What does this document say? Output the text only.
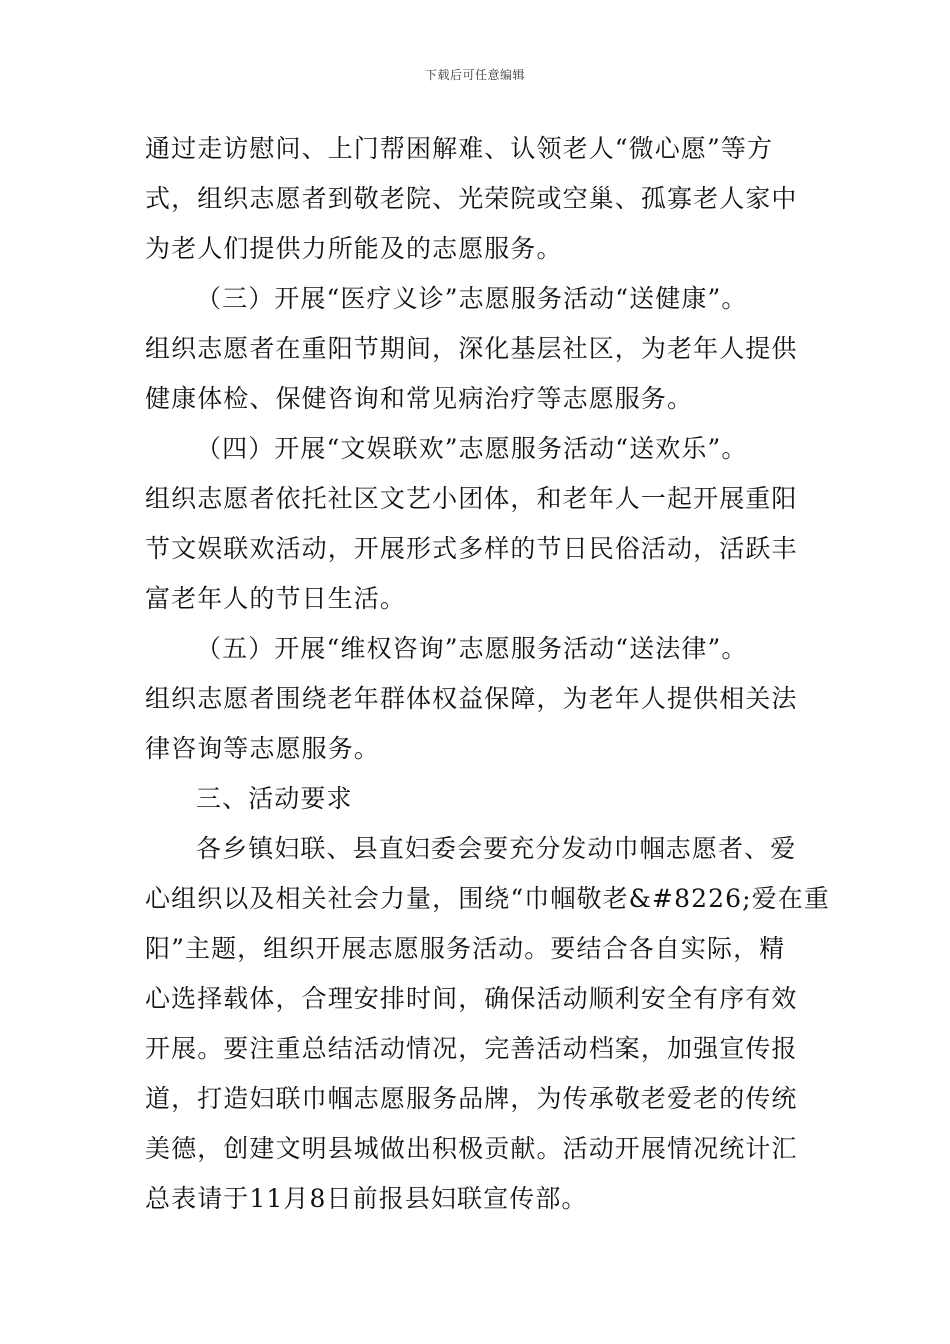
下载后可任意编辑
通过走访慰问、上门帮困解难、认领老人“微心愿”等方
式，组织志愿者到敬老院、光荣院或空巢、孤寡老人家中
为老人们提供力所能及的志愿服务。
（三）开展“医疗义诊”志愿服务活动“送健康”。
组织志愿者在重阳节期间，深化基层社区，为老年人提供
健康体检、保健咨询和常见病治疗等志愿服务。
（四）开展“文娱联欢”志愿服务活动“送欢乐”。
组织志愿者依托社区文艺小团体，和老年人一起开展重阳
节文娱联欢活动，开展形式多样的节日民俗活动，活跃丰
富老年人的节日生活。
（五）开展“维权咨询”志愿服务活动“送法律”。
组织志愿者围绕老年群体权益保障，为老年人提供相关法
律咨询等志愿服务。
三、活动要求
各乡镇妇联、县直妇委会要充分发动巾帼志愿者、爱
心组织以及相关社会力量，围绕“巾帼敬老&#8226;爱在重
阳”主题，组织开展志愿服务活动。要结合各自实际，精
心选择载体，合理安排时间，确保活动顺利安全有序有效
开展。要注重总结活动情况，完善活动档案，加强宣传报
道，打造妇联巾帼志愿服务品牌，为传承敬老爱老的传统
美德，创建文明县城做出积极贡献。活动开展情况统计汇
总表请于11月8日前报县妇联宣传部。
